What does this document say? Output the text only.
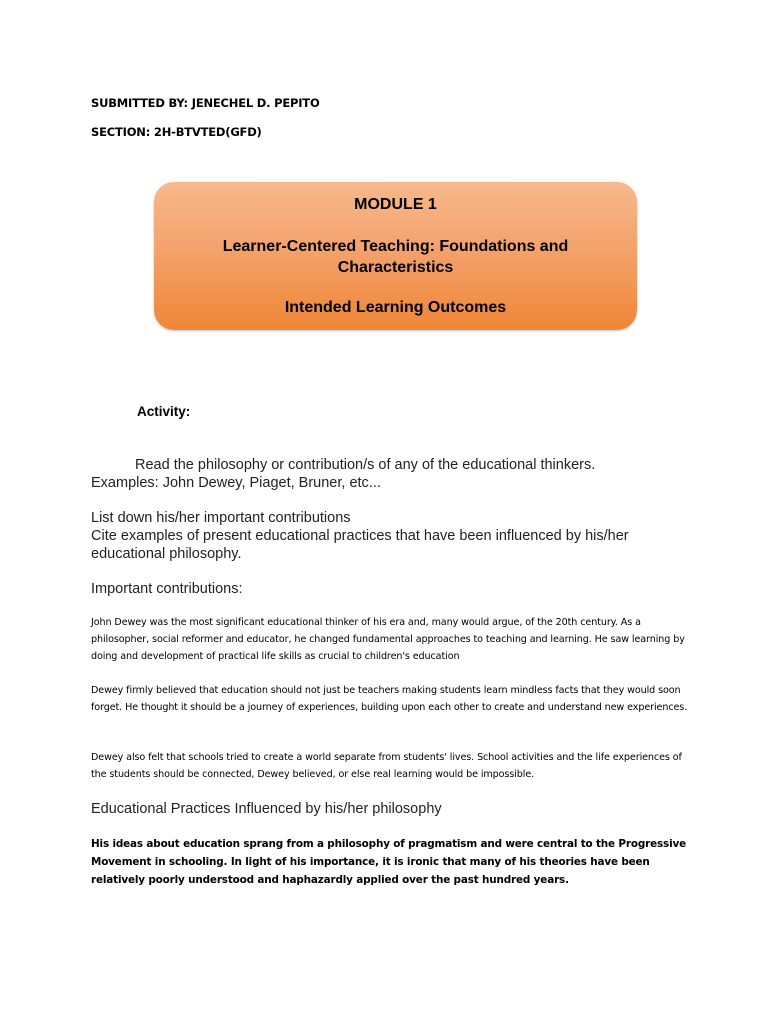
SUBMITTED BY: JENECHEL D. PEPITO
SECTION: 2H-BTVTED(GFD)
MODULE 1
Learner-Centered Teaching: Foundations and Characteristics
Intended Learning Outcomes
Activity:
Read the philosophy or contribution/s of any of the educational thinkers.
Examples: John Dewey, Piaget, Bruner, etc...
List down his/her important contributions
Cite examples of present educational practices that have been influenced by his/her educational philosophy.
Important contributions:
John Dewey was the most significant educational thinker of his era and, many would argue, of the 20th century. As a philosopher, social reformer and educator, he changed fundamental approaches to teaching and learning. He saw learning by doing and development of practical life skills as crucial to children's education
Dewey firmly believed that education should not just be teachers making students learn mindless facts that they would soon forget. He thought it should be a journey of experiences, building upon each other to create and understand new experiences.
Dewey also felt that schools tried to create a world separate from students' lives. School activities and the life experiences of the students should be connected, Dewey believed, or else real learning would be impossible.
Educational Practices Influenced by his/her philosophy
His ideas about education sprang from a philosophy of pragmatism and were central to the Progressive Movement in schooling. In light of his importance, it is ironic that many of his theories have been relatively poorly understood and haphazardly applied over the past hundred years.
